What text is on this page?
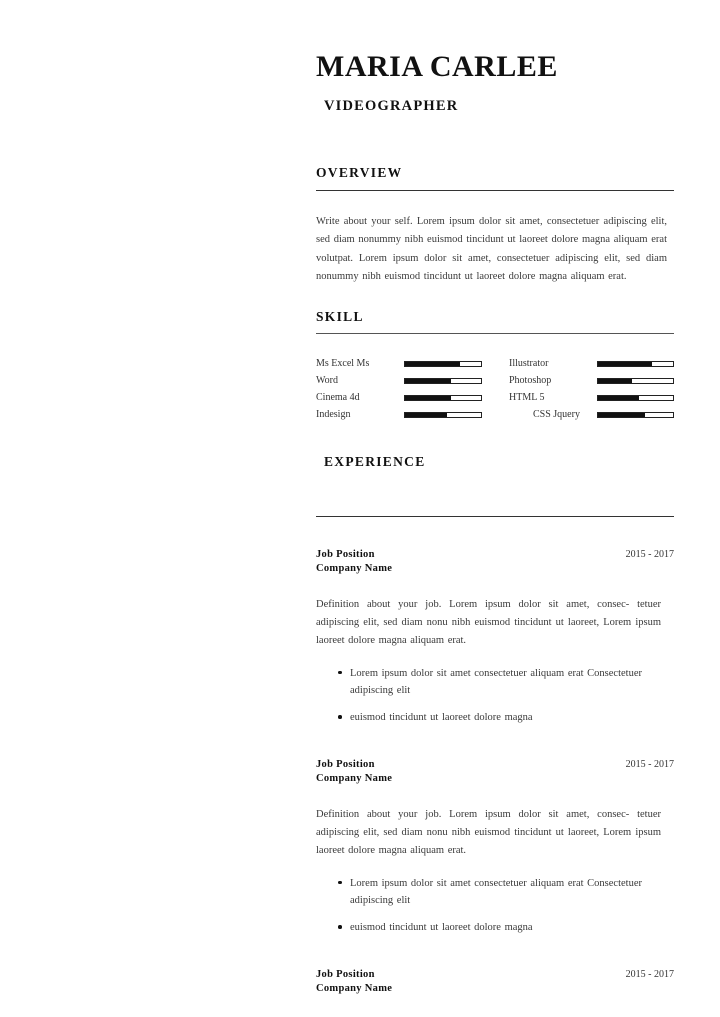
MARIA CARLEE
VIDEOGRAPHER
OVERVIEW

Write about your self. Lorem ipsum dolor sit amet, consectetuer adipiscing elit, sed diam nonummy nibh euismod tincidunt ut laoreet dolore magna aliquam erat volutpat. Lorem ipsum dolor sit amet, consectetuer adipiscing elit, sed diam nonummy nibh euismod tincidunt ut laoreet dolore magna aliquam erat.

SKILL
Ms Excel Ms
Word
Cinema 4d
Indesign
Illustrator
Photoshop
HTML 5
CSS Jquery
EXPERIENCE
Job Position	2015 - 2017
Company Name

Definition about your job. Lorem ipsum dolor sit amet, consec- tetuer adipiscing elit, sed diam nonu nibh euismod tincidunt ut laoreet, Lorem ipsum laoreet dolore magna aliquam erat.

Lorem ipsum dolor sit amet consectetuer aliquam erat Consectetuer adipiscing elit
euismod tincidunt ut laoreet dolore magna
Job Position	2015 - 2017
Company Name

Definition about your job. Lorem ipsum dolor sit amet, consec- tetuer adipiscing elit, sed diam nonu nibh euismod tincidunt ut laoreet, Lorem ipsum laoreet dolore magna aliquam erat.

Lorem ipsum dolor sit amet consectetuer aliquam erat Consectetuer adipiscing elit
euismod tincidunt ut laoreet dolore magna
Job Position	2015 - 2017
Company Name
